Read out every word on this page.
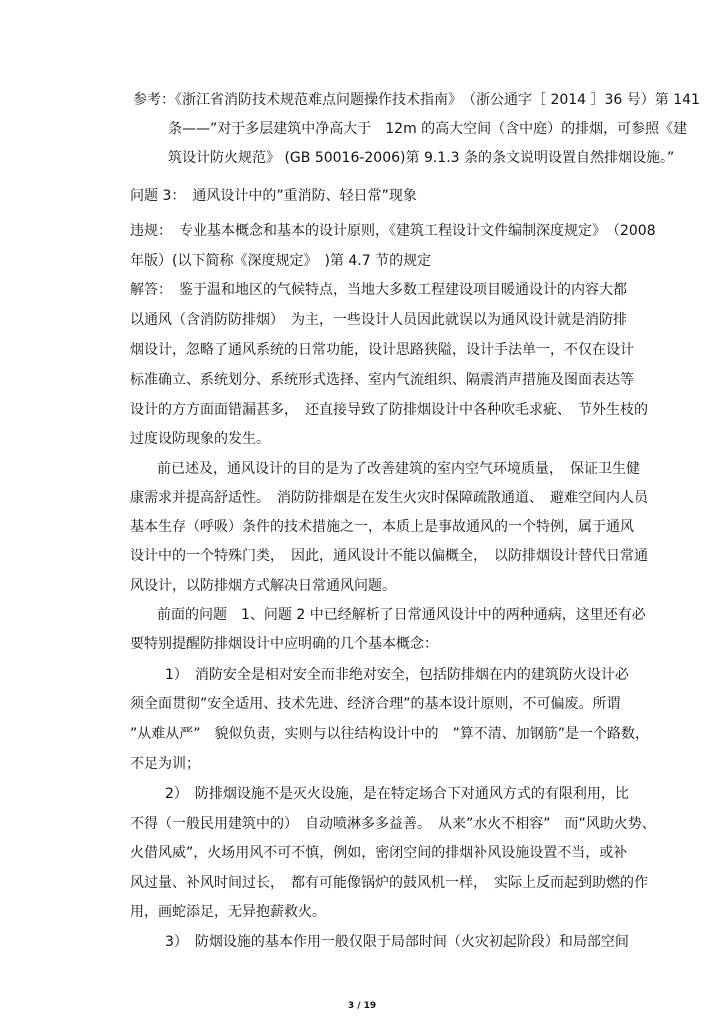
参考：《浙江省消防技术规范难点问题操作技术指南》　（浙公通字［ 2014 ］36 号）第 141
条——”对于多层建筑中净高大于　12m 的高大空间（含中庭）的排烟，可参照《建
筑设计防火规范》 (GB 50016-2006)第 9.1.3 条的条文说明设置自然排烟设施。”
问题 3：　通风设计中的”重消防、轻日常”现象
违规：　专业基本概念和基本的设计原则，《建筑工程设计文件编制深度规定》　（2008
年版）(以下简称《深度规定》　)第 4.7 节的规定
解答：　鉴于温和地区的气候特点，当地大多数工程建设项目暖通设计的内容大都
以通风（含消防防排烟）　为主，一些设计人员因此就误以为通风设计就是消防排
烟设计，忽略了通风系统的日常功能，设计思路狭隘，设计手法单一，不仅在设计
标准确立、系统划分、系统形式选择、室内气流组织、隔震消声措施及图面表达等
设计的方方面面错漏甚多，　还直接导致了防排烟设计中各种吹毛求疵、　节外生枝的
过度设防现象的发生。
前已述及，通风设计的目的是为了改善建筑的室内空气环境质量，　保证卫生健
康需求并提高舒适性。　消防防排烟是在发生火灾时保障疏散通道、　避难空间内人员
基本生存（呼吸）条件的技术措施之一，本质上是事故通风的一个特例，属于通风
设计中的一个特殊门类，　因此，通风设计不能以偏概全，　以防排烟设计替代日常通
风设计，以防排烟方式解决日常通风问题。
前面的问题　1、问题 2 中已经解析了日常通风设计中的两种通病，这里还有必
要特别提醒防排烟设计中应明确的几个基本概念：
1）　消防安全是相对安全而非绝对安全，包括防排烟在内的建筑防火设计必
须全面贯彻”安全适用、技术先进、经济合理”的基本设计原则，不可偏废。所谓
”从难从严”　貌似负责，实则与以往结构设计中的　”算不清、加钢筋”是一个路数，
不足为训；
2）　防排烟设施不是灭火设施，是在特定场合下对通风方式的有限利用，比
不得（一般民用建筑中的）　自动喷淋多多益善。　从来”水火不相容”　而”风助火势、
火借风威”，火场用风不可不慎，例如，密闭空间的排烟补风设施设置不当，或补
风过量、补风时间过长，　都有可能像锅炉的鼓风机一样，　实际上反而起到助燃的作
用，画蛇添足，无异抱薪救火。
3）　防烟设施的基本作用一般仅限于局部时间（火灾初起阶段）和局部空间
3 / 19
